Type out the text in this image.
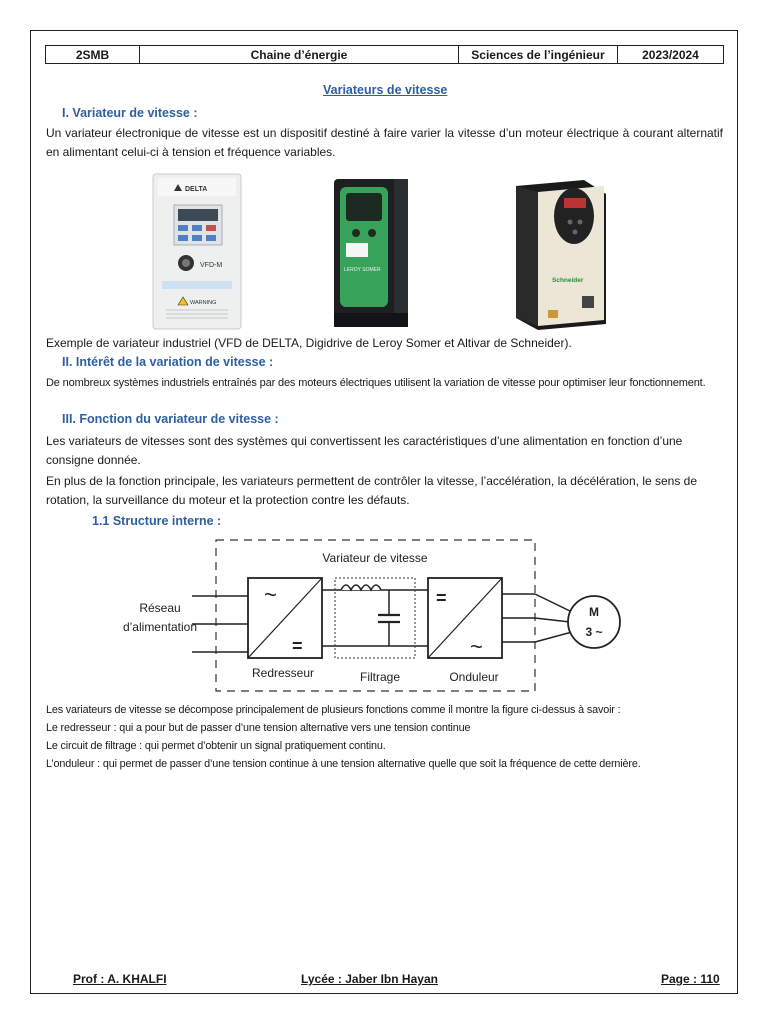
2SMB	Chaine d’énergie	Sciences de l’ingénieur	2023/2024
Variateurs de vitesse
I. Variateur de vitesse :

Un variateur électronique de vitesse est un dispositif destiné à faire varier la vitesse d’un moteur électrique à courant alternatif en alimentant celui-ci à tension et fréquence variables.

DELTA
VFD-M
WARNING
LEROY SOMER
Schneider

Exemple de variateur industriel (VFD de DELTA, Digidrive de Leroy Somer et Altivar de Schneider).

II. Intérêt de la variation de vitesse :

De nombreux systèmes industriels entraînés par des moteurs électriques utilisent la variation de vitesse pour optimiser leur fonctionnement.

III. Fonction du variateur de vitesse :

Les variateurs de vitesses sont des systèmes qui convertissent les caractéristiques d’une alimentation en fonction d’une consigne donnée.

En plus de la fonction principale, les variateurs permettent de contrôler la vitesse, l’accélération, la décélération, le sens de rotation, la surveillance du moteur et la protection contre les défauts.

1.1 Structure interne :
Variateur de vitesse
Réseau
d’alimentation
~
=
=
~
M
3 ~
Redresseur	Filtrage	Onduleur

Les variateurs de vitesse se décompose principalement de plusieurs fonctions comme il montre la figure ci-dessus à savoir :

Le redresseur : qui a pour but de passer d’une tension alternative vers une tension continue

Le circuit de filtrage : qui permet d’obtenir un signal pratiquement continu.

L’onduleur : qui permet de passer d’une tension continue à une tension alternative quelle que soit la fréquence de cette dernière.

Prof : A. KHALFI	Lycée : Jaber Ibn Hayan	Page : 110
